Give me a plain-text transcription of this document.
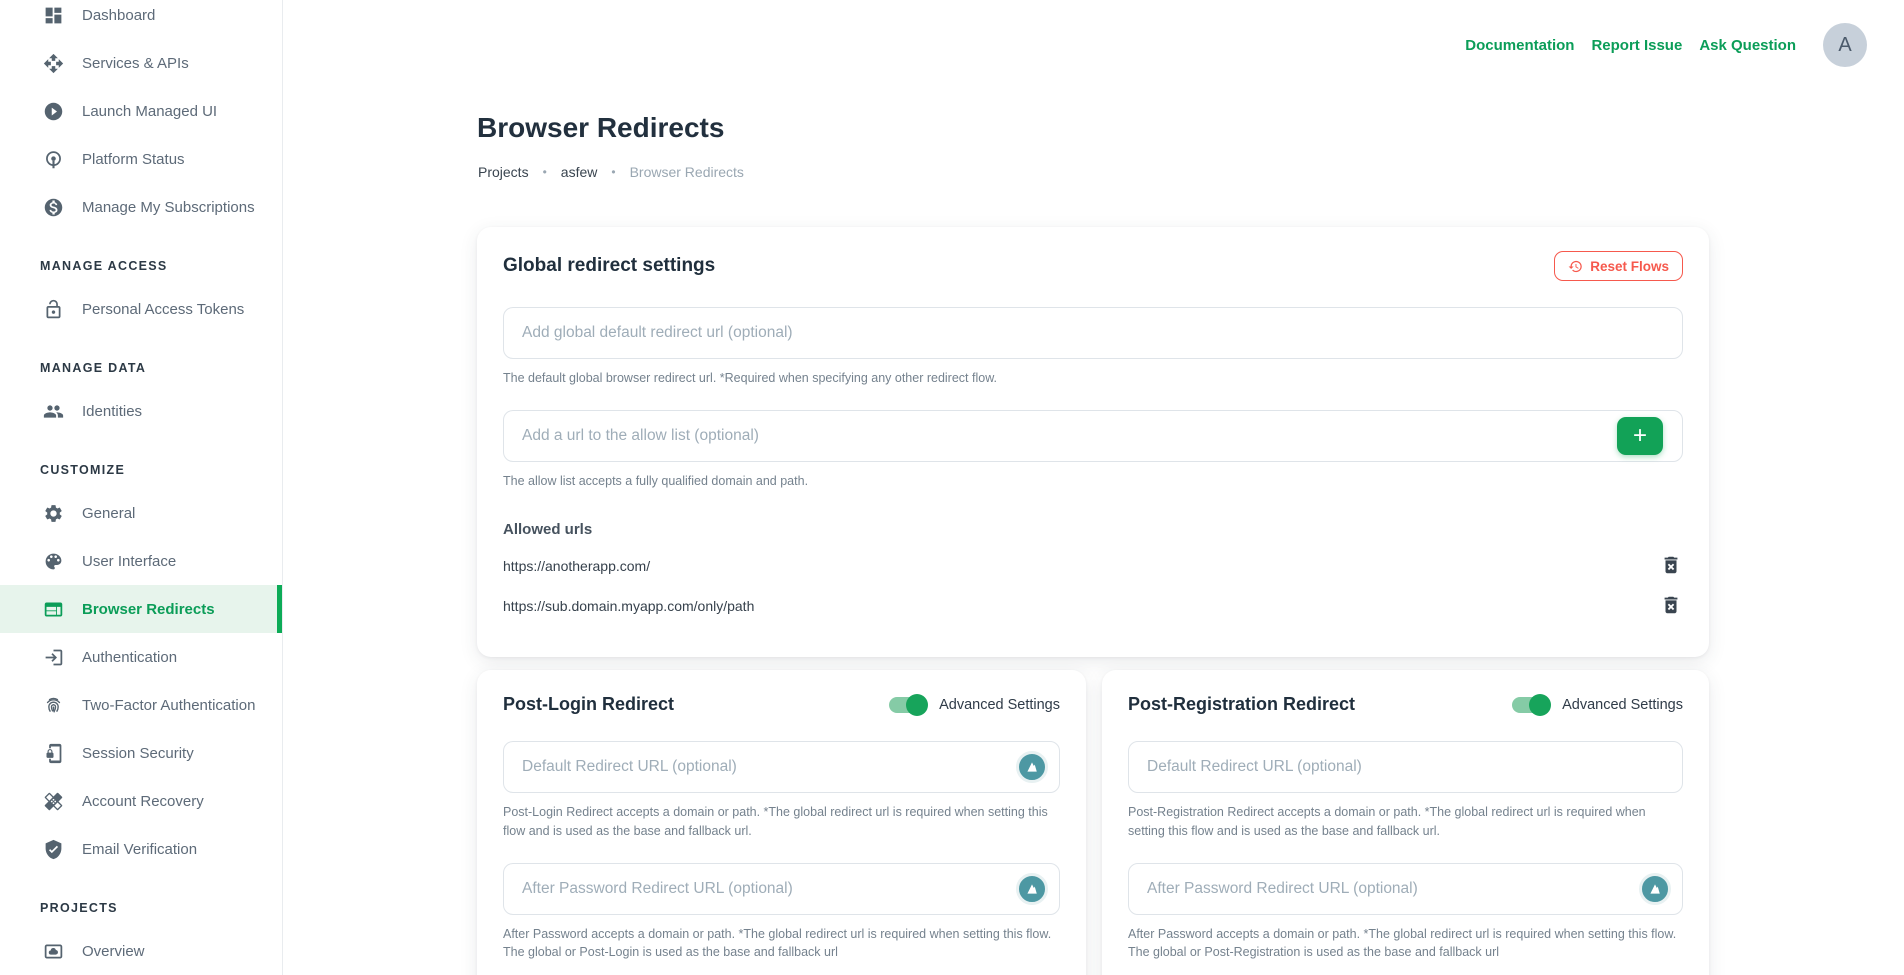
Dashboard
Services & APIs
Launch Managed UI
Platform Status
Manage My Subscriptions
MANAGE ACCESS
Personal Access Tokens
MANAGE DATA
Identities
CUSTOMIZE
General
User Interface
Browser Redirects
Authentication
Two-Factor Authentication
Session Security
Account Recovery
Email Verification
PROJECTS
Overview
Documentation Report Issue Ask Question	A
Browser Redirects
Projects • asfew • Browser Redirects
Global redirect settings	Reset Flows
Add global default redirect url (optional)
The default global browser redirect url. *Required when specifying any other redirect flow.
Add a url to the allow list (optional)
+
The allow list accepts a fully qualified domain and path.
Allowed urls
https://anotherapp.com/
https://sub.domain.myapp.com/only/path
Post-Login Redirect	Advanced Settings
Default Redirect URL (optional)
Post-Login Redirect accepts a domain or path. *The global redirect url is required when setting this flow and is used as the base and fallback url.
After Password Redirect URL (optional)
After Password accepts a domain or path. *The global redirect url is required when setting this flow. The global or Post-Login is used as the base and fallback url
Post-Registration Redirect	Advanced Settings
Default Redirect URL (optional)
Post-Registration Redirect accepts a domain or path. *The global redirect url is required when setting this flow and is used as the base and fallback url.
After Password Redirect URL (optional)
After Password accepts a domain or path. *The global redirect url is required when setting this flow. The global or Post-Registration is used as the base and fallback url
